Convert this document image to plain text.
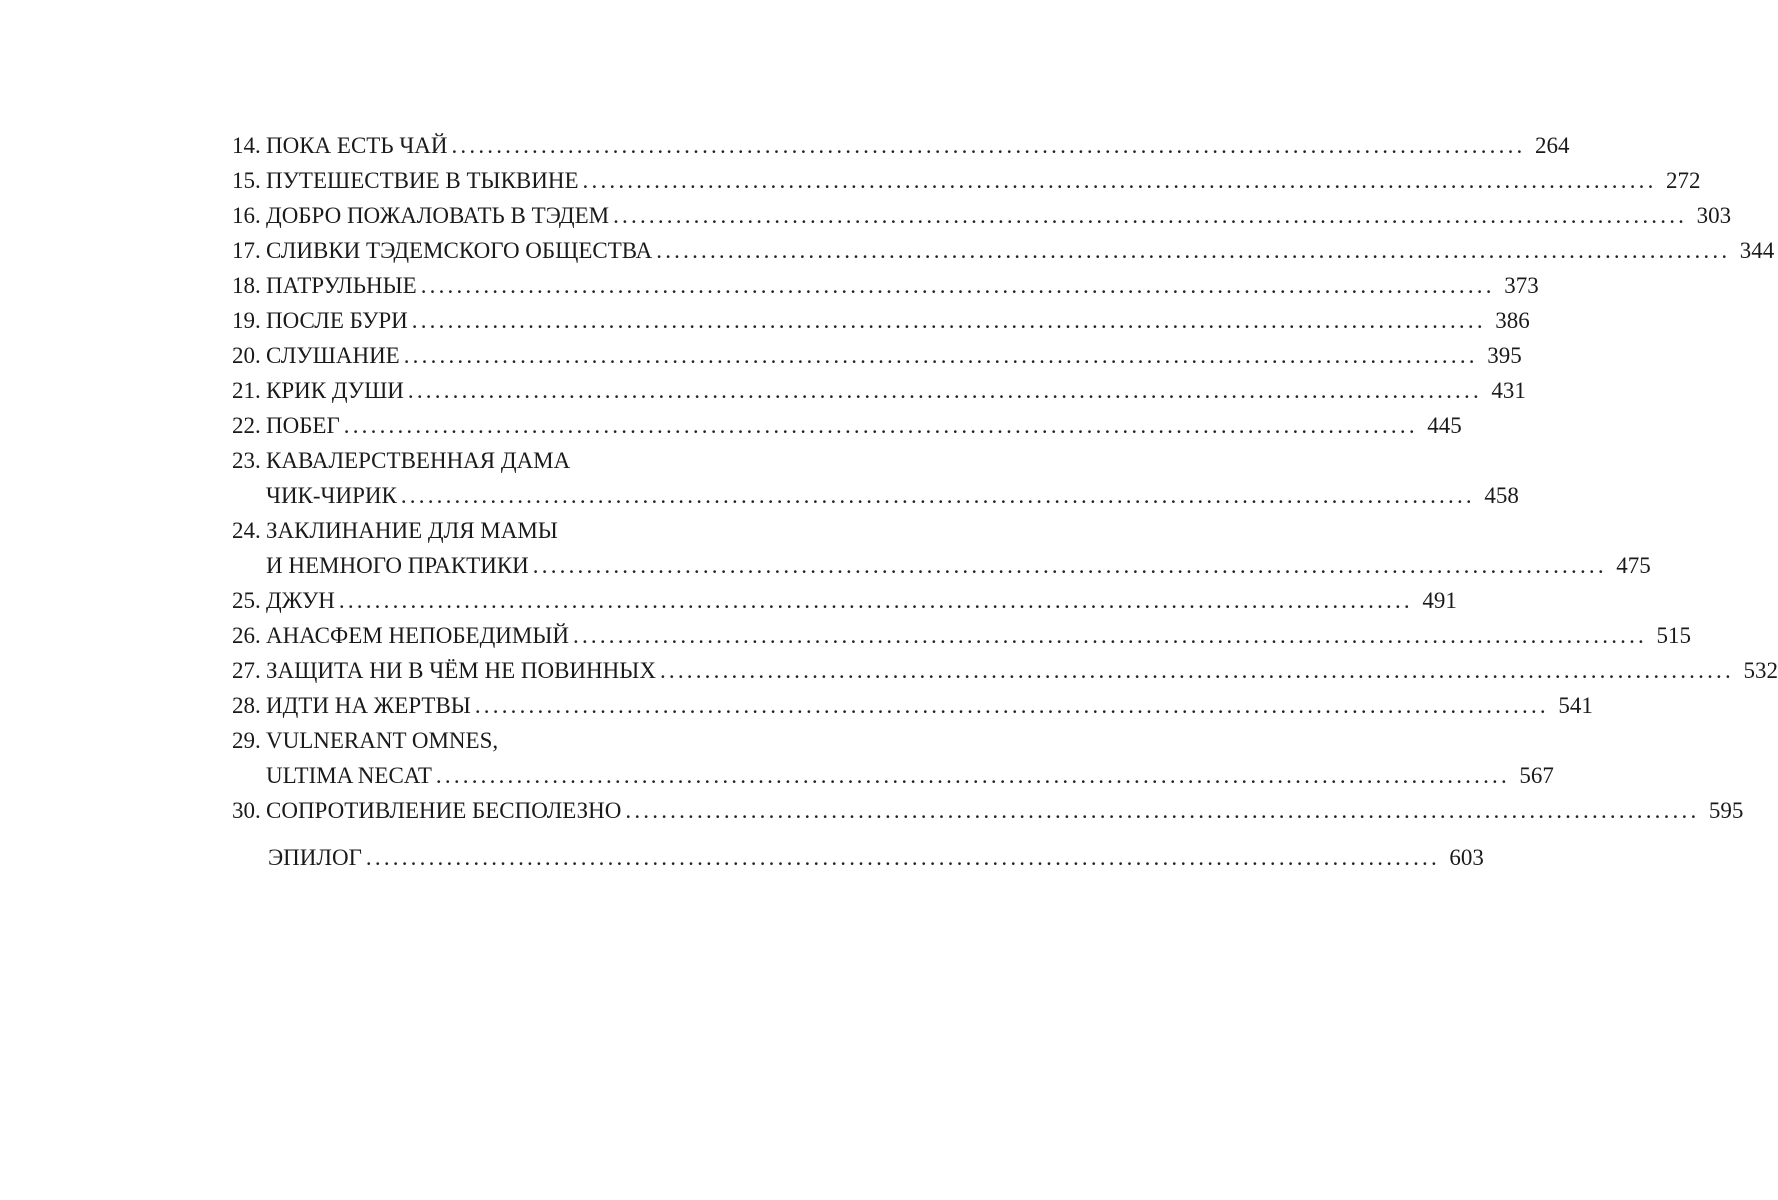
14. ПОКА ЕСТЬ ЧАЙ ........................................................................................................................ 264
15. ПУТЕШЕСТВИЕ В ТЫКВИНЕ ........................................................................................................................ 272
16. ДОБРО ПОЖАЛОВАТЬ В ТЭДЕМ ........................................................................................................................ 303
17. СЛИВКИ ТЭДЕМСКОГО ОБЩЕСТВА ........................................................................................................................ 344
18. ПАТРУЛЬНЫЕ ........................................................................................................................ 373
19. ПОСЛЕ БУРИ ........................................................................................................................ 386
20. СЛУШАНИЕ ........................................................................................................................ 395
21. КРИК ДУШИ ........................................................................................................................ 431
22. ПОБЕГ ........................................................................................................................ 445
23. КАВАЛЕРСТВЕННАЯ ДАМА
ЧИК-ЧИРИК ........................................................................................................................ 458
24. ЗАКЛИНАНИЕ ДЛЯ МАМЫ
И НЕМНОГО ПРАКТИКИ ........................................................................................................................ 475
25. ДЖУН ........................................................................................................................ 491
26. АНАСФЕМ НЕПОБЕДИМЫЙ ........................................................................................................................ 515
27. ЗАЩИТА НИ В ЧЁМ НЕ ПОВИННЫХ ........................................................................................................................ 532
28. ИДТИ НА ЖЕРТВЫ ........................................................................................................................ 541
29. VULNERANT OMNES,
ULTIMA NECAT ........................................................................................................................ 567
30. СОПРОТИВЛЕНИЕ БЕСПОЛЕЗНО ........................................................................................................................ 595
ЭПИЛОГ ........................................................................................................................ 603
